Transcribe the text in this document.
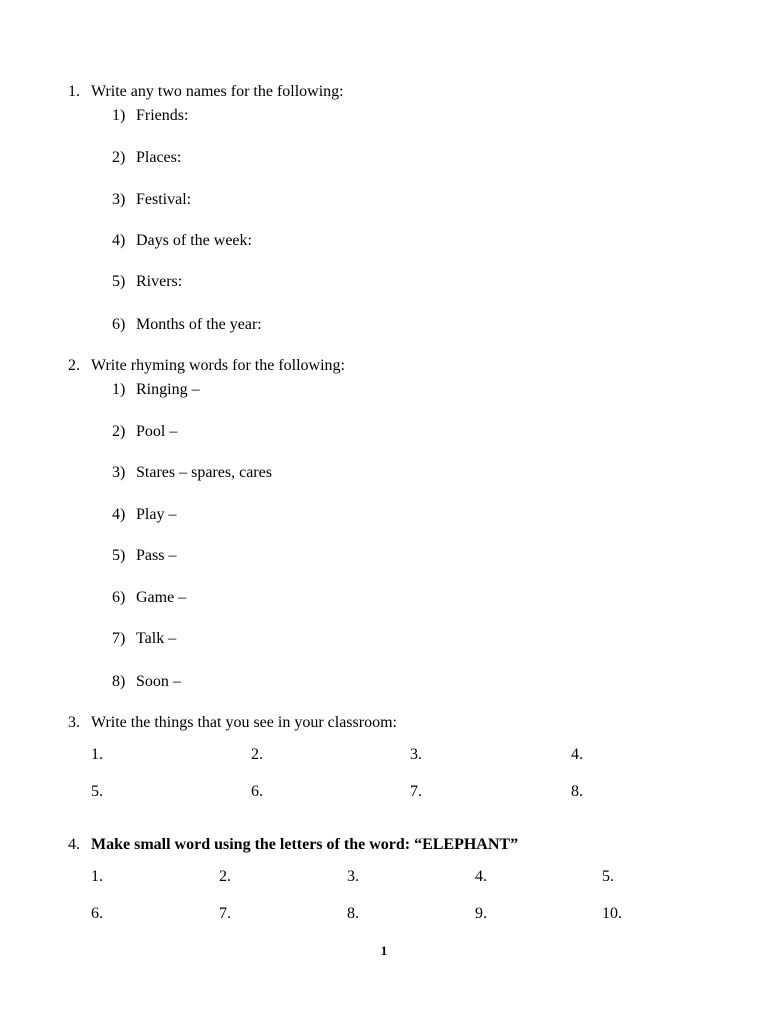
1. Write any two names for the following:
1) Friends:
2) Places:
3) Festival:
4) Days of the week:
5) Rivers:
6) Months of the year:
2. Write rhyming words for the following:
1) Ringing –
2) Pool –
3) Stares – spares, cares
4) Play –
5) Pass –
6) Game –
7) Talk –
8) Soon –
3. Write the things that you see in your classroom:
1.	2.	3.	4.
5.	6.	7.	8.
4. Make small word using the letters of the word: “ELEPHANT”
1.	2.	3.	4.	5.
6.	7.	8.	9.	10.
1
